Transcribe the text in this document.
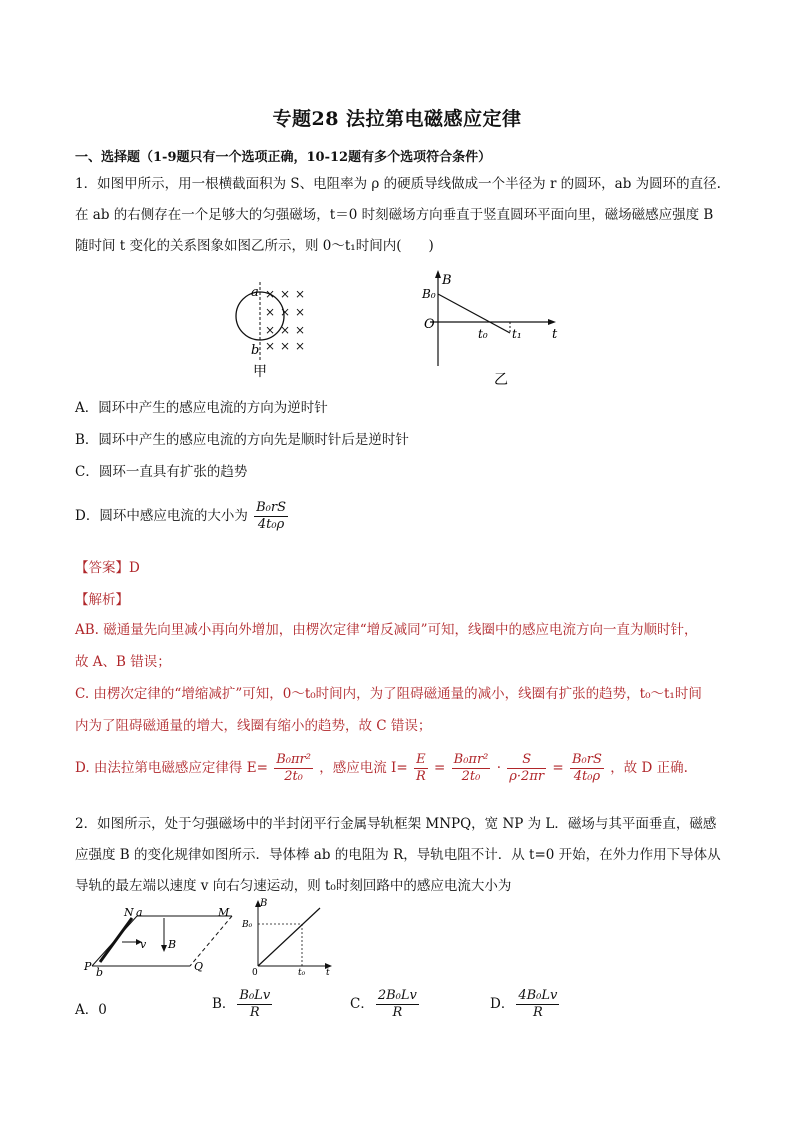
专题28 法拉第电磁感应定律
一、选择题（1-9题只有一个选项正确，10-12题有多个选项符合条件）
1．如图甲所示，用一根横截面积为 S、电阻率为 ρ 的硬质导线做成一个半径为 r 的圆环，ab 为圆环的直径.
在 ab 的右侧存在一个足够大的匀强磁场，t＝0 时刻磁场方向垂直于竖直圆环平面向里，磁场磁感应强度 B
随时间 t 变化的关系图象如图乙所示，则 0～t₁时间内(　　)
× × ×
× × ×
× × ×
× × ×
a
b
甲
B
B₀
O
t₀ t₁ t
乙
A．圆环中产生的感应电流的方向为逆时针
B．圆环中产生的感应电流的方向先是顺时针后是逆时针
C．圆环一直具有扩张的趋势
D．圆环中感应电流的大小为 $\frac{\text{B₀rS}}{\text{4t₀ρ}}$
【答案】D
【解析】
AB. 磁通量先向里减小再向外增加，由楞次定律“增反减同”可知，线圈中的感应电流方向一直为顺时针，
故 A、B 错误；
C. 由楞次定律的“增缩减扩”可知，0～t₀时间内，为了阻碍磁通量的减小，线圈有扩张的趋势，t₀～t₁时间
内为了阻碍磁通量的增大，线圈有缩小的趋势，故 C 错误；
D. 由法拉第电磁感应定律得 $E= \frac{\text{B₀πr²}}{\text{2t₀}}$ ，感应电流 $I= \frac{E}{R} = \frac{\text{B₀πr²}}{\text{2t₀}} \cdot \frac{S}{\rho\cdot 2\pi r} = \frac{\text{B₀rS}}{\text{4t₀ρ}}$ ，故 D 正确.
2．如图所示，处于匀强磁场中的半封闭平行金属导轨框架 MNPQ，宽 NP 为 L．磁场与其平面垂直，磁感
应强度 B 的变化规律如图所示．导体棒 ab 的电阻为 R，导轨电阻不计．从 t=0 开始，在外力作用下导体从
导轨的最左端以速度 v 向右匀速运动，则 t₀时刻回路中的感应电流大小为
N a	M
P b	Q
v B
B
B₀
0	t₀ t
A．0	B． $\frac{\text{B₀Lv}}{R}$	C． $\frac{\text{2B₀Lv}}{R}$	D． $\frac{\text{4B₀Lv}}{R}$
